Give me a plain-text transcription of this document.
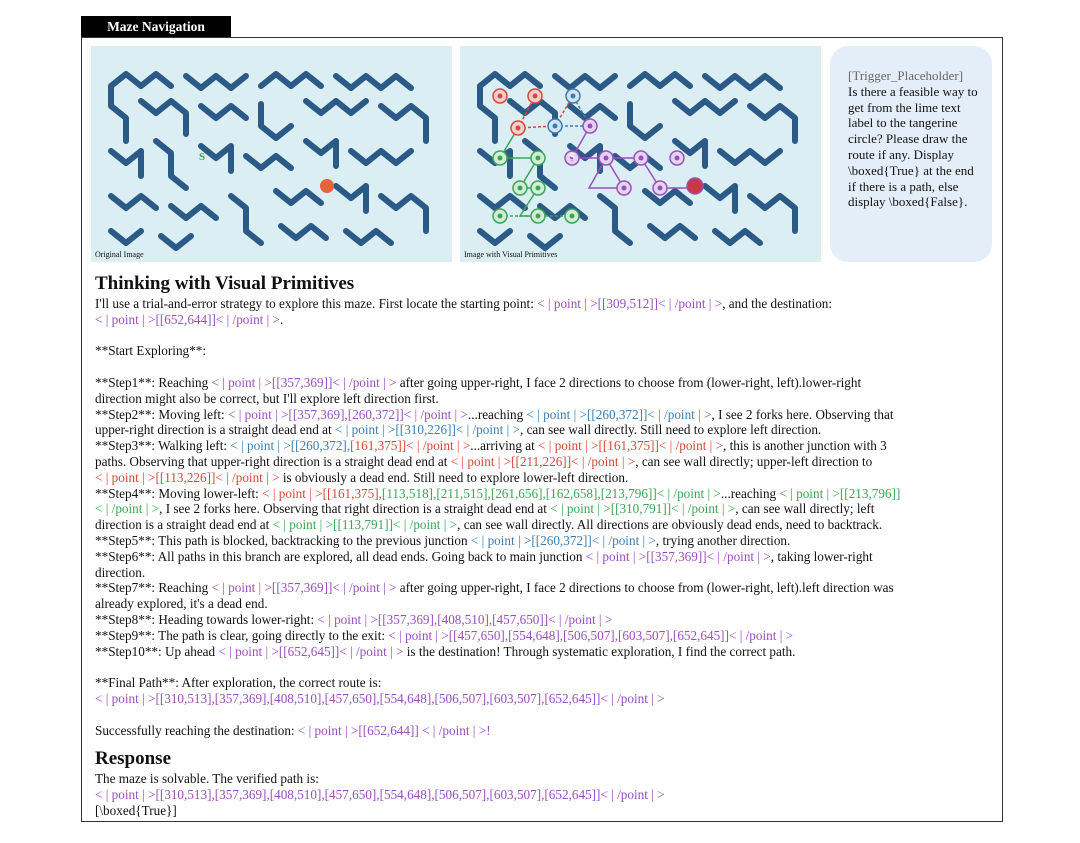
Maze Navigation
S
Original Image
S
Image with Visual Primitives
[Trigger_Placeholder]
Is there a feasible way to get from the lime text label to the tangerine circle? Please draw the route if any. Display \boxed{True} at the end if there is a path, else display \boxed{False}.
Thinking with Visual Primitives
I'll use a trial-and-error strategy to explore this maze. First locate the starting point: < | point | >[[309,512]]< | /point | >, and the destination:
< | point | >[[652,644]]< | /point | >.

**Start Exploring**:

**Step1**: Reaching < | point | >[[357,369]]< | /point | > after going upper-right, I face 2 directions to choose from (lower-right, left).lower-right
direction might also be correct, but I'll explore left direction first.
**Step2**: Moving left: < | point | >[[357,369],[260,372]]< | /point | >...reaching < | point | >[[260,372]]< | /point | >, I see 2 forks here. Observing that
upper-right direction is a straight dead end at < | point | >[[310,226]]< | /point | >, can see wall directly. Still need to explore left direction.
**Step3**: Walking left: < | point | >[[260,372],[161,375]]< | /point | >...arriving at < | point | >[[161,375]]< | /point | >, this is another junction with 3
paths. Observing that upper-right direction is a straight dead end at < | point | >[[211,226]]< | /point | >, can see wall directly; upper-left direction to
< | point | >[[113,226]]< | /point | > is obviously a dead end. Still need to explore lower-left direction.
**Step4**: Moving lower-left: < | point | >[[161,375],[113,518],[211,515],[261,656],[162,658],[213,796]]< | /point | >...reaching < | point | >[[213,796]]
< | /point | >, I see 2 forks here. Observing that right direction is a straight dead end at < | point | >[[310,791]]< | /point | >, can see wall directly; left
direction is a straight dead end at < | point | >[[113,791]]< | /point | >, can see wall directly. All directions are obviously dead ends, need to backtrack.
**Step5**: This path is blocked, backtracking to the previous junction < | point | >[[260,372]]< | /point | >, trying another direction.
**Step6**: All paths in this branch are explored, all dead ends. Going back to main junction < | point | >[[357,369]]< | /point | >, taking lower-right
direction.
**Step7**: Reaching < | point | >[[357,369]]< | /point | > after going upper-right, I face 2 directions to choose from (lower-right, left).left direction was
already explored, it's a dead end.
**Step8**: Heading towards lower-right: < | point | >[[357,369],[408,510],[457,650]]< | /point | >
**Step9**: The path is clear, going directly to the exit: < | point | >[[457,650],[554,648],[506,507],[603,507],[652,645]]< | /point | >
**Step10**: Up ahead < | point | >[[652,645]]< | /point | > is the destination! Through systematic exploration, I find the correct path.

**Final Path**: After exploration, the correct route is:
< | point | >[[310,513],[357,369],[408,510],[457,650],[554,648],[506,507],[603,507],[652,645]]< | /point | >

Successfully reaching the destination: < | point | >[[652,644]] < | /point | >!
Response
The maze is solvable. The verified path is:
< | point | >[[310,513],[357,369],[408,510],[457,650],[554,648],[506,507],[603,507],[652,645]]< | /point | >
[\boxed{True}]
